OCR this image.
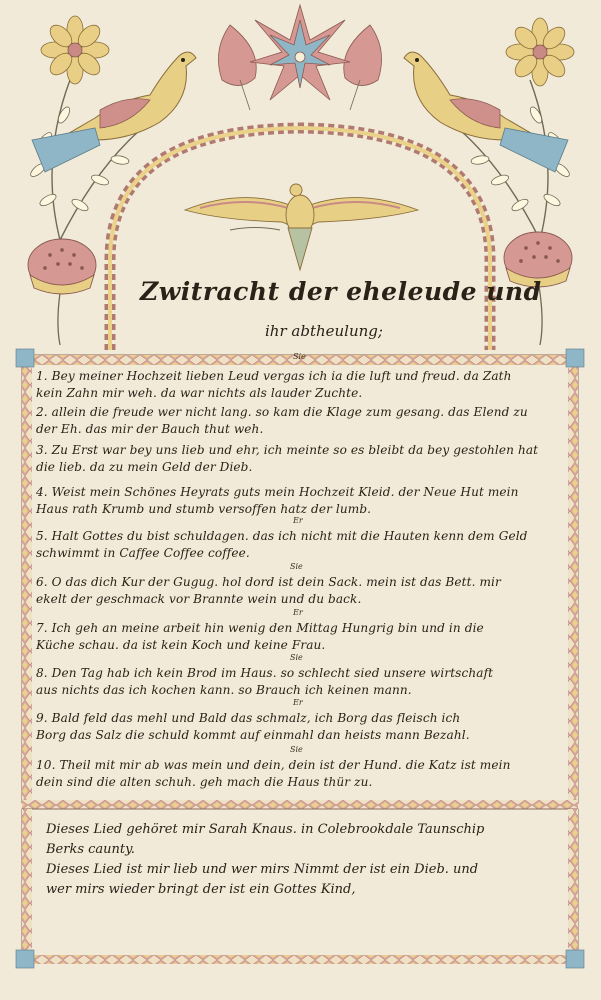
Zwitracht der eheleude und
ihr abtheulung;
Sie
1. Bey meiner Hochzeit lieben Leud vergas ich ia die luft und freud. da Zath
kein Zahn mir weh. da war nichts als lauder Zuchte.
2. allein die freude wer nicht lang. so kam die Klage zum gesang. das Elend zu
der Eh. das mir der Bauch thut weh.
3. Zu Erst war bey uns lieb und ehr, ich meinte so es bleibt da bey gestohlen hat
die lieb. da zu mein Geld der Dieb.
4. Weist mein Schönes Heyrats guts mein Hochzeit Kleid. der Neue Hut mein
Haus rath Krumb und stumb versoffen hatz der lumb.
Er
5. Halt Gottes du bist schuldagen. das ich nicht mit die Hauten kenn dem Geld
schwimmt in Caffee Coffee coffee.
Sie
6. O das dich Kur der Gugug. hol dord ist dein Sack. mein ist das Bett. mir
ekelt der geschmack vor Brannte wein und du back.
Er
7. Ich geh an meine arbeit hin wenig den Mittag Hungrig bin und in die
Küche schau. da ist kein Koch und keine Frau.
Sie
8. Den Tag hab ich kein Brod im Haus. so schlecht sied unsere wirtschaft
aus nichts das ich kochen kann. so Brauch ich keinen mann.
Er
9. Bald feld das mehl und Bald das schmalz, ich Borg das fleisch ich
Borg das Salz die schuld kommt auf einmahl dan heists mann Bezahl.
Sie
10. Theil mit mir ab was mein und dein, dein ist der Hund. die Katz ist mein
dein sind die alten schuh. geh mach die Haus thür zu.
Dieses Lied gehöret mir Sarah Knaus. in Colebrookdale Taunschip
Berks caunty.
Dieses Lied ist mir lieb und wer mirs Nimmt der ist ein Dieb. und
wer mirs wieder bringt der ist ein Gottes Kind,
